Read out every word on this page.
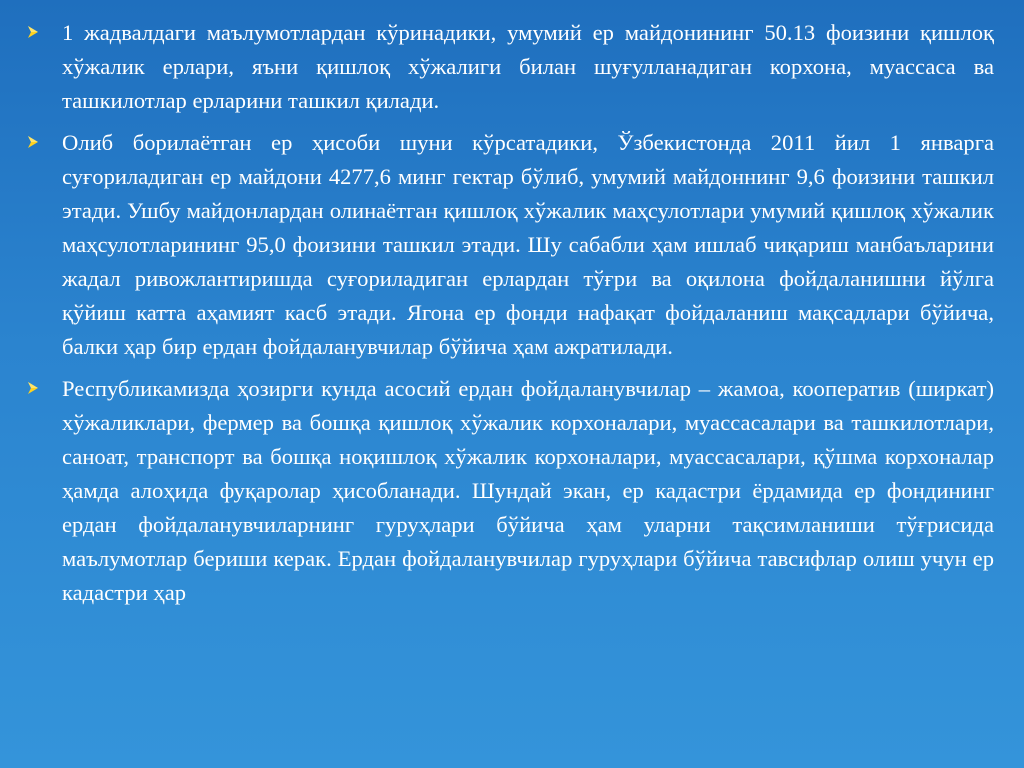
1 жадвалдаги маълумотлардан кўринадики, умумий ер майдонининг 50.13 фоизини қишлоқ хўжалик ерлари, яъни қишлоқ хўжалиги билан шуғулланадиган корхона, муассаса ва ташкилотлар ерларини ташкил қилади.
Олиб борилаётган ер ҳисоби шуни кўрсатадики, Ўзбекистонда 2011 йил 1 январга суғориладиган ер майдони 4277,6 минг гектар бўлиб, умумий майдоннинг 9,6 фоизини ташкил этади. Ушбу майдонлардан олинаётган қишлоқ хўжалик маҳсулотлари умумий қишлоқ хўжалик маҳсулотларининг 95,0 фоизини ташкил этади. Шу сабабли ҳам ишлаб чиқариш манбаъларини жадал ривожлантиришда суғориладиган ерлардан тўғри ва оқилона фойдаланишни йўлга қўйиш катта аҳамият касб этади. Ягона ер фонди нафақат фойдаланиш мақсадлари бўйича, балки ҳар бир ердан фойдаланувчилар бўйича ҳам ажратилади.
Республикамизда ҳозирги кунда асосий ердан фойдаланувчилар – жамоа, кооператив (ширкат) хўжаликлари, фермер ва бошқа қишлоқ хўжалик корхоналари, муассасалари ва ташкилотлари, саноат, транспорт ва бошқа ноқишлоқ хўжалик корхоналари, муассасалари, қўшма корхоналар ҳамда алоҳида фуқаролар ҳисобланади. Шундай экан, ер кадастри ёрдамида ер фондининг ердан фойдаланувчиларнинг гуруҳлари бўйича ҳам уларни тақсимланиши тўғрисида маълумотлар бериши керак. Ердан фойдаланувчилар гуруҳлари бўйича тавсифлар олиш учун ер кадастри ҳар
